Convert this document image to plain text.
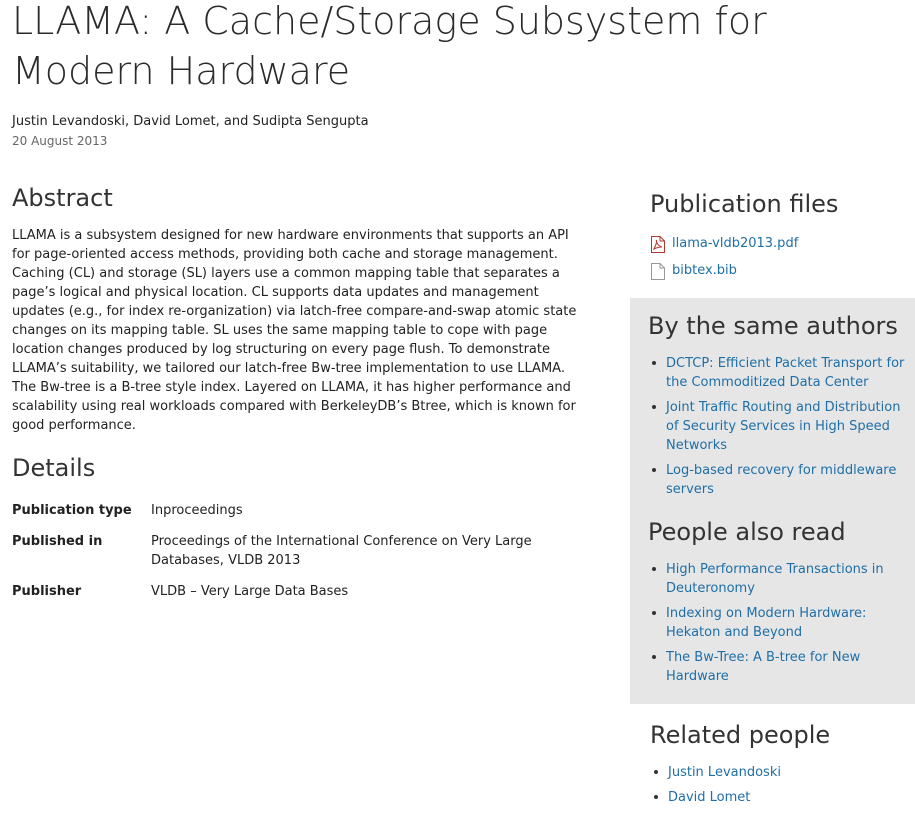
LLAMA: A Cache/Storage Subsystem for Modern Hardware
Justin Levandoski, David Lomet, and Sudipta Sengupta
20 August 2013
Abstract

LLAMA is a subsystem designed for new hardware environments that supports an API for page-oriented access methods, providing both cache and storage management. Caching (CL) and storage (SL) layers use a common mapping table that separates a page’s logical and physical location. CL supports data updates and management updates (e.g., for index re-organization) via latch-free compare-and-swap atomic state changes on its mapping table. SL uses the same mapping table to cope with page location changes produced by log structuring on every page flush. To demonstrate LLAMA’s suitability, we tailored our latch-free Bw-tree implementation to use LLAMA. The Bw-tree is a B-tree style index. Layered on LLAMA, it has higher performance and scalability using real workloads compared with BerkeleyDB’s Btree, which is known for good performance.

Details
Publication type	Inproceedings
Published in	Proceedings of the International Conference on Very Large Databases, VLDB 2013
Publisher	VLDB – Very Large Data Bases
Publication files
llama-vldb2013.pdf
bibtex.bib
By the same authors
DCTCP: Efficient Packet Transport for the Commoditized Data Center
Joint Traffic Routing and Distribution of Security Services in High Speed Networks
Log-based recovery for middleware servers
People also read
High Performance Transactions in Deuteronomy
Indexing on Modern Hardware: Hekaton and Beyond
The Bw-Tree: A B-tree for New Hardware
Related people
Justin Levandoski
David Lomet
